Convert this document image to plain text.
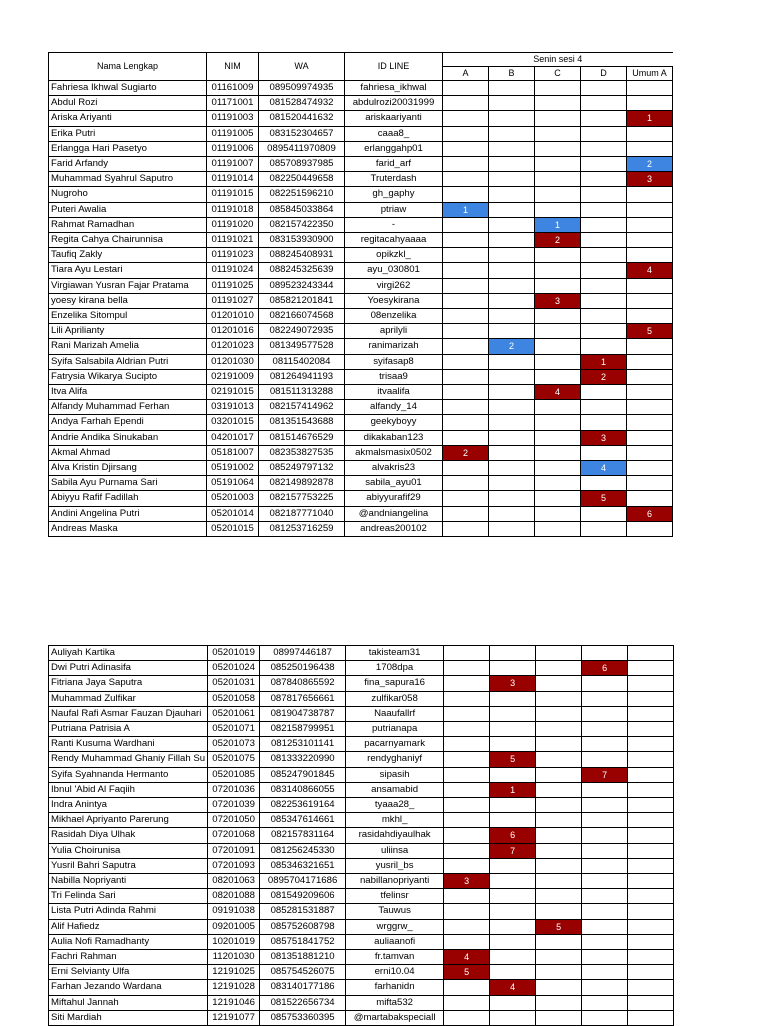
Nama Lengkap	NIM	WA	ID LINE	Senin sesi 4				
				A	B	C	D	Umum A
Fahriesa Ikhwal Sugiarto	01161009	089509974935	fahriesa_ikhwal					
Abdul Rozi	01171001	081528474932	abdulrozi20031999					
Ariska Ariyanti	01191003	081520441632	ariskaariyanti					1
Erika Putri	01191005	083152304657	caaa8_					
Erlangga Hari Pasetyo	01191006	0895411970809	erlanggahp01					
Farid Arfandy	01191007	085708937985	farid_arf					2
Muhammad Syahrul Saputro	01191014	082250449658	Truterdash					3
Nugroho	01191015	082251596210	gh_gaphy					
Puteri Awalia	01191018	085845033864	ptriaw	1				
Rahmat Ramadhan	01191020	082157422350	-			1		
Regita Cahya Chairunnisa	01191021	083153930900	regitacahyaaaa			2		
Taufiq Zakly	01191023	088245408931	opikzkl_					
Tiara Ayu Lestari	01191024	088245325639	ayu_030801					4
Virgiawan Yusran Fajar Pratama	01191025	089523243344	virgi262					
yoesy kirana bella	01191027	085821201841	Yoesykirana			3		
Enzelika Sitompul	01201010	082166074568	08enzelika					
Lili Aprilianty	01201016	082249072935	aprilyli					5
Rani Marizah Amelia	01201023	081349577528	ranimarizah		2			
Syifa Salsabila Aldrian Putri	01201030	08115402084	syifasap8				1	
Fatrysia Wikarya Sucipto	02191009	081264941193	trisaa9				2	
Itva Alifa	02191015	081511313288	itvaalifa			4		
Alfandy Muhammad Ferhan	03191013	082157414962	alfandy_14					
Andya Farhah Ependi	03201015	081351543688	geekyboyy					
Andrie Andika Sinukaban	04201017	081514676529	dikakaban123				3	
Akmal Ahmad	05181007	082353827535	akmalsmasix0502	2				
Alva Kristin Djirsang	05191002	085249797132	alvakris23				4	
Sabila Ayu Purnama Sari	05191064	082149892878	sabila_ayu01					
Abiyyu Rafif Fadillah	05201003	082157753225	abiyyurafif29				5	
Andini Angelina Putri	05201014	082187771040	@andniangelina					6
Andreas Maska	05201015	081253716259	andreas200102					
Auliyah Kartika	05201019	08997446187	takisteam31					
Dwi Putri Adinasifa	05201024	085250196438	1708dpa				6	
Fitriana Jaya Saputra	05201031	087840865592	fina_sapura16		3			
Muhammad Zulfikar	05201058	087817656661	zulfikar058					
Naufal Rafi Asmar Fauzan Djauhari	05201061	081904738787	Naaufallrf					
Putriana Patrisia A	05201071	082158799951	putrianapa					
Ranti Kusuma Wardhani	05201073	081253101141	pacarnyamark					
Rendy Muhammad Ghaniy Fillah Su	05201075	081333220990	rendyghaniyf		5			
Syifa Syahnanda Hermanto	05201085	085247901845	sipasih				7	
Ibnul 'Abid Al Faqiih	07201036	083140866055	ansamabid		1			
Indra Anintya	07201039	082253619164	tyaaa28_					
Mikhael Apriyanto Parerung	07201050	085347614661	mkhl_					
Rasidah Diya Ulhak	07201068	082157831164	rasidahdiyaulhak		6			
Yulia Choirunisa	07201091	081256245330	uliinsa		7			
Yusril Bahri Saputra	07201093	085346321651	yusril_bs					
Nabilla Nopriyanti	08201063	0895704171686	nabillanopriyanti	3				
Tri Felinda Sari	08201088	081549209606	tfelinsr					
Lista Putri Adinda Rahmi	09191038	085281531887	Tauwus					
Alif Hafiedz	09201005	085752608798	wrggrw_			5		
Aulia Nofi Ramadhanty	10201019	085751841752	auliaanofi					
Fachri Rahman	11201030	081351881210	fr.tamvan	4				
Erni Selvianty Ulfa	12191025	085754526075	erni10.04	5				
Farhan Jezando Wardana	12191028	083140177186	farhanidn		4			
Miftahul Jannah	12191046	081522656734	mifta532					
Siti Mardiah	12191077	085753360395	@martabakspeciall					
